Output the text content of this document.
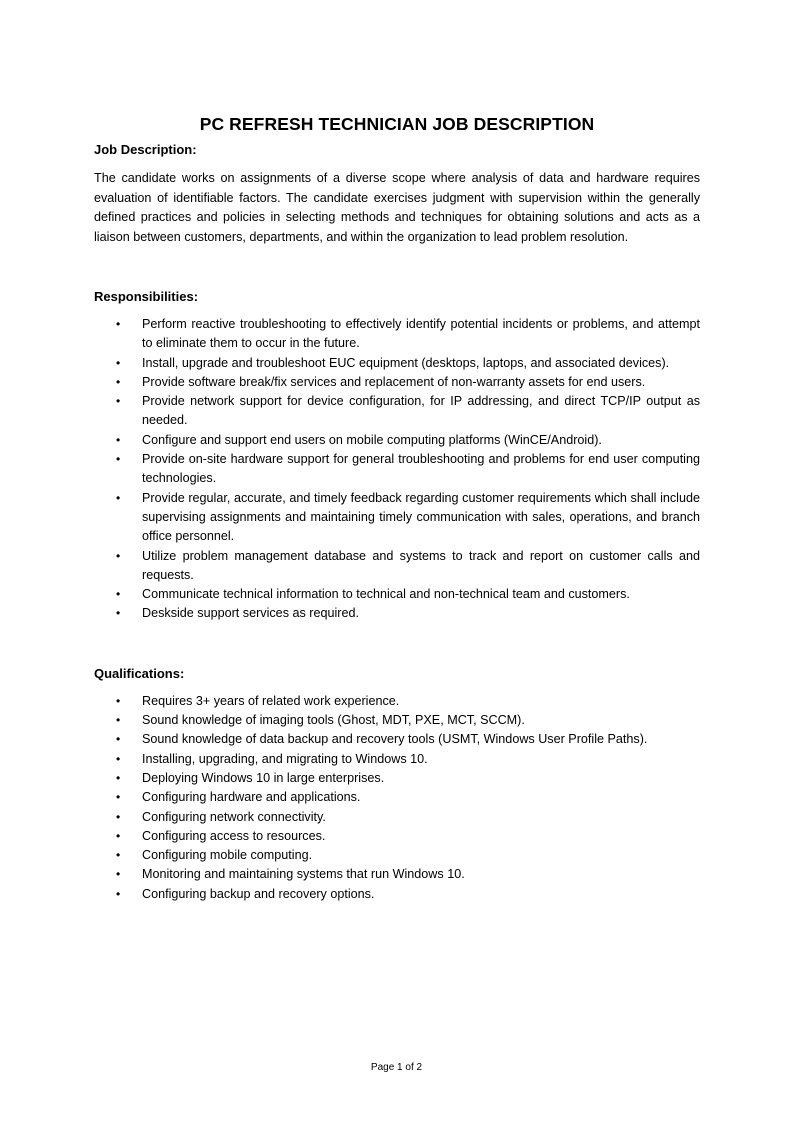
PC REFRESH TECHNICIAN JOB DESCRIPTION
Job Description:

The candidate works on assignments of a diverse scope where analysis of data and hardware requires evaluation of identifiable factors. The candidate exercises judgment with supervision within the generally defined practices and policies in selecting methods and techniques for obtaining solutions and acts as a liaison between customers, departments, and within the organization to lead problem resolution.

Responsibilities:
• Perform reactive troubleshooting to effectively identify potential incidents or problems, and attempt to eliminate them to occur in the future.
• Install, upgrade and troubleshoot EUC equipment (desktops, laptops, and associated devices).
• Provide software break/fix services and replacement of non-warranty assets for end users.
• Provide network support for device configuration, for IP addressing, and direct TCP/IP output as needed.
• Configure and support end users on mobile computing platforms (WinCE/Android).
• Provide on-site hardware support for general troubleshooting and problems for end user computing technologies.
• Provide regular, accurate, and timely feedback regarding customer requirements which shall include supervising assignments and maintaining timely communication with sales, operations, and branch office personnel.
• Utilize problem management database and systems to track and report on customer calls and requests.
• Communicate technical information to technical and non-technical team and customers.
• Deskside support services as required.
Qualifications:
• Requires 3+ years of related work experience.
• Sound knowledge of imaging tools (Ghost, MDT, PXE, MCT, SCCM).
• Sound knowledge of data backup and recovery tools (USMT, Windows User Profile Paths).
• Installing, upgrading, and migrating to Windows 10.
• Deploying Windows 10 in large enterprises.
• Configuring hardware and applications.
• Configuring network connectivity.
• Configuring access to resources.
• Configuring mobile computing.
• Monitoring and maintaining systems that run Windows 10.
• Configuring backup and recovery options.
Page 1 of 2
